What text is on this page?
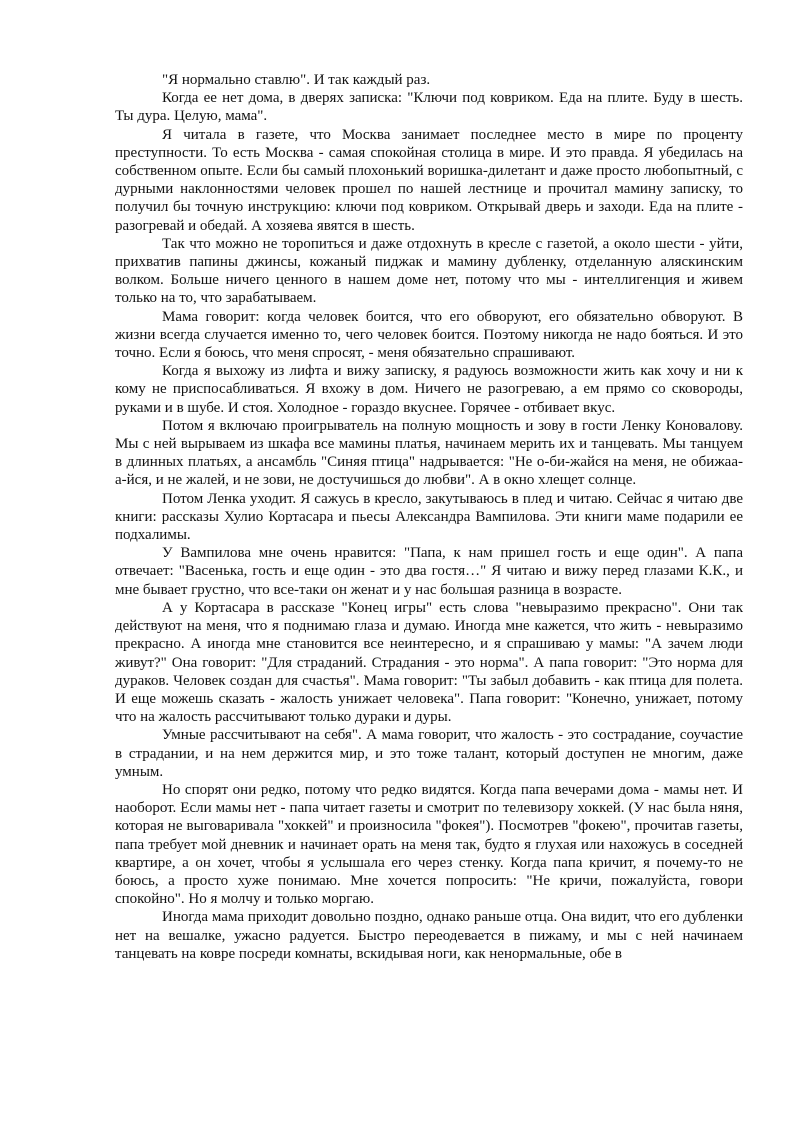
"Я нормально ставлю". И так каждый раз.

Когда ее нет дома, в дверях записка: "Ключи под ковриком. Еда на плите. Буду в шесть. Ты дура. Целую, мама".

Я читала в газете, что Москва занимает последнее место в мире по проценту преступности. То есть Москва - самая спокойная столица в мире. И это правда. Я убедилась на собственном опыте. Если бы самый плохонький воришка-дилетант и даже просто любопытный, с дурными наклонностями человек прошел по нашей лестнице и прочитал мамину записку, то получил бы точную инструкцию: ключи под ковриком. Открывай дверь и заходи. Еда на плите - разогревай и обедай. А хозяева явятся в шесть.

Так что можно не торопиться и даже отдохнуть в кресле с газетой, а около шести - уйти, прихватив папины джинсы, кожаный пиджак и мамину дубленку, отделанную аляскинским волком. Больше ничего ценного в нашем доме нет, потому что мы - интеллигенция и живем только на то, что зарабатываем.

Мама говорит: когда человек боится, что его обворуют, его обязательно обворуют. В жизни всегда случается именно то, чего человек боится. Поэтому никогда не надо бояться. И это точно. Если я боюсь, что меня спросят, - меня обязательно спрашивают.

Когда я выхожу из лифта и вижу записку, я радуюсь возможности жить как хочу и ни к кому не приспосабливаться. Я вхожу в дом. Ничего не разогреваю, а ем прямо со сковороды, руками и в шубе. И стоя. Холодное - гораздо вкуснее. Горячее - отбивает вкус.

Потом я включаю проигрыватель на полную мощность и зову в гости Ленку Коновалову. Мы с ней вырываем из шкафа все мамины платья, начинаем мерить их и танцевать. Мы танцуем в длинных платьях, а ансамбль "Синяя птица" надрывается: "Не о-би-жайся на меня, не обижаа-а-йся, и не жалей, и не зови, не достучишься до любви". А в окно хлещет солнце.

Потом Ленка уходит. Я сажусь в кресло, закутываюсь в плед и читаю. Сейчас я читаю две книги: рассказы Хулио Кортасара и пьесы Александра Вампилова. Эти книги маме подарили ее подхалимы.

У Вампилова мне очень нравится: "Папа, к нам пришел гость и еще один". А папа отвечает: "Васенька, гость и еще один - это два гостя…" Я читаю и вижу перед глазами К.К., и мне бывает грустно, что все-таки он женат и у нас большая разница в возрасте.

А у Кортасара в рассказе "Конец игры" есть слова "невыразимо прекрасно". Они так действуют на меня, что я поднимаю глаза и думаю. Иногда мне кажется, что жить - невыразимо прекрасно. А иногда мне становится все неинтересно, и я спрашиваю у мамы: "А зачем люди живут?" Она говорит: "Для страданий. Страдания - это норма". А папа говорит: "Это норма для дураков. Человек создан для счастья". Мама говорит: "Ты забыл добавить - как птица для полета. И еще можешь сказать - жалость унижает человека". Папа говорит: "Конечно, унижает, потому что на жалость рассчитывают только дураки и дуры.

Умные рассчитывают на себя". А мама говорит, что жалость - это сострадание, соучастие в страдании, и на нем держится мир, и это тоже талант, который доступен не многим, даже умным.

Но спорят они редко, потому что редко видятся. Когда папа вечерами дома - мамы нет. И наоборот. Если мамы нет - папа читает газеты и смотрит по телевизору хоккей. (У нас была няня, которая не выговаривала "хоккей" и произносила "фокея"). Посмотрев "фокею", прочитав газеты, папа требует мой дневник и начинает орать на меня так, будто я глухая или нахожусь в соседней квартире, а он хочет, чтобы я услышала его через стенку. Когда папа кричит, я почему-то не боюсь, а просто хуже понимаю. Мне хочется попросить: "Не кричи, пожалуйста, говори спокойно". Но я молчу и только моргаю.

Иногда мама приходит довольно поздно, однако раньше отца. Она видит, что его дубленки нет на вешалке, ужасно радуется. Быстро переодевается в пижаму, и мы с ней начинаем танцевать на ковре посреди комнаты, вскидывая ноги, как ненормальные, обе в
